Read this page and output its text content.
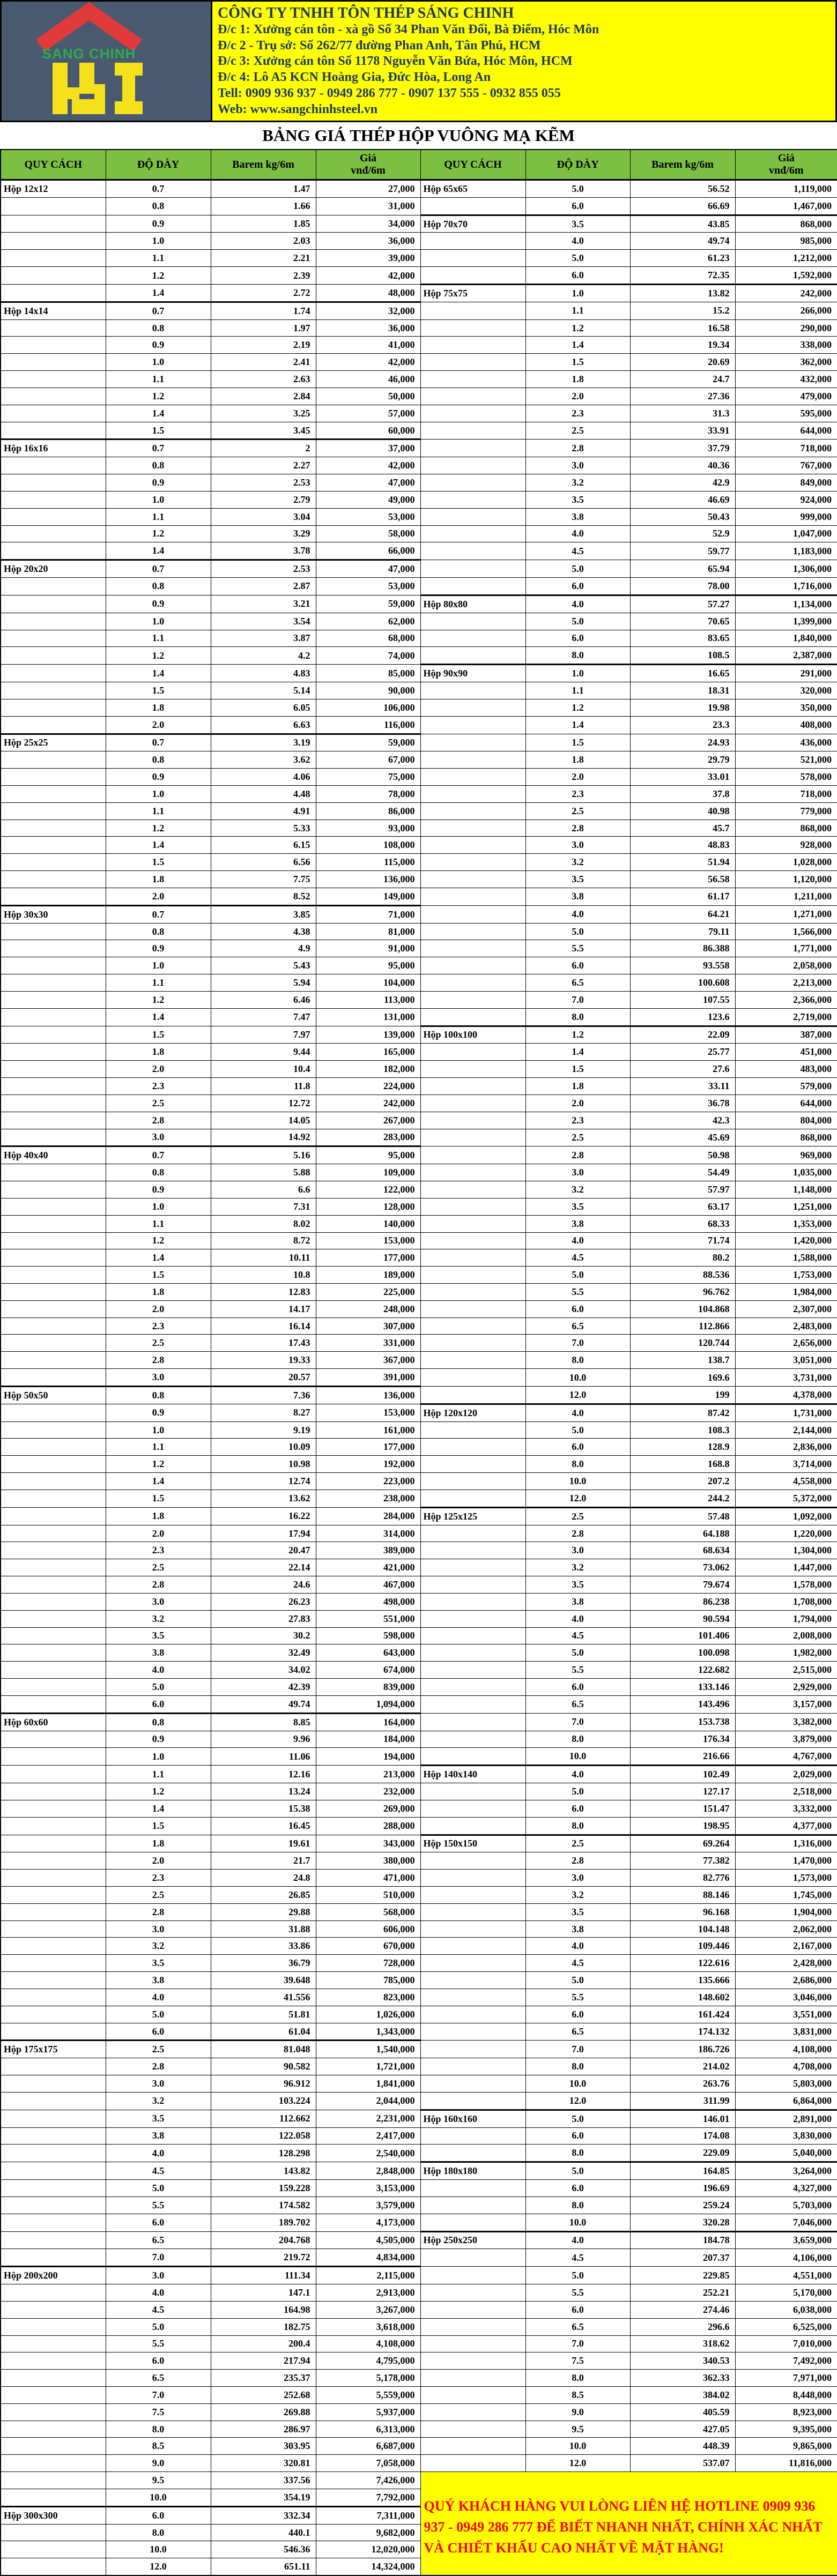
SANG CHINH
CÔNG TY TNHH TÔN THÉP SÁNG CHINH
Đ/c 1: Xưởng cán tôn - xà gồ Số 34 Phan Văn Đối, Bà Điểm, Hóc Môn
Đ/c 2 - Trụ sở: Số 262/77 đường Phan Anh, Tân Phú, HCM
Đ/c 3: Xưởng cán tôn Số 1178 Nguyễn Văn Bứa, Hóc Môn, HCM
Đ/c 4: Lô A5 KCN Hoàng Gia, Đức Hòa, Long An
Tell: 0909 936 937 - 0949 286 777 - 0907 137 555 - 0932 855 055
Web: www.sangchinhsteel.vn
BẢNG GIÁ THÉP HỘP VUÔNG MẠ KẼM
QUY CÁCH	ĐỘ DÀY	Barem kg/6m	Giá
vnđ/6m	QUY CÁCH	ĐỘ DÀY	Barem kg/6m	Giá
vnđ/6m

Hộp 12x12	0.7	1.47	27,000	Hộp 65x65	5.0	56.52	1,119,000
	0.8	1.66	31,000		6.0	66.69	1,467,000
	0.9	1.85	34,000	Hộp 70x70	3.5	43.85	868,000
	1.0	2.03	36,000		4.0	49.74	985,000
	1.1	2.21	39,000		5.0	61.23	1,212,000
	1.2	2.39	42,000		6.0	72.35	1,592,000
	1.4	2.72	48,000	Hộp 75x75	1.0	13.82	242,000
Hộp 14x14	0.7	1.74	32,000		1.1	15.2	266,000
	0.8	1.97	36,000		1.2	16.58	290,000
	0.9	2.19	41,000		1.4	19.34	338,000
	1.0	2.41	42,000		1.5	20.69	362,000
	1.1	2.63	46,000		1.8	24.7	432,000
	1.2	2.84	50,000		2.0	27.36	479,000
	1.4	3.25	57,000		2.3	31.3	595,000
	1.5	3.45	60,000		2.5	33.91	644,000
Hộp 16x16	0.7	2	37,000		2.8	37.79	718,000
	0.8	2.27	42,000		3.0	40.36	767,000
	0.9	2.53	47,000		3.2	42.9	849,000
	1.0	2.79	49,000		3.5	46.69	924,000
	1.1	3.04	53,000		3.8	50.43	999,000
	1.2	3.29	58,000		4.0	52.9	1,047,000
	1.4	3.78	66,000		4.5	59.77	1,183,000
Hộp 20x20	0.7	2.53	47,000		5.0	65.94	1,306,000
	0.8	2.87	53,000		6.0	78.00	1,716,000
	0.9	3.21	59,000	Hộp 80x80	4.0	57.27	1,134,000
	1.0	3.54	62,000		5.0	70.65	1,399,000
	1.1	3.87	68,000		6.0	83.65	1,840,000
	1.2	4.2	74,000		8.0	108.5	2,387,000
	1.4	4.83	85,000	Hộp 90x90	1.0	16.65	291,000
	1.5	5.14	90,000		1.1	18.31	320,000
	1.8	6.05	106,000		1.2	19.98	350,000
	2.0	6.63	116,000		1.4	23.3	408,000
Hộp 25x25	0.7	3.19	59,000		1.5	24.93	436,000
	0.8	3.62	67,000		1.8	29.79	521,000
	0.9	4.06	75,000		2.0	33.01	578,000
	1.0	4.48	78,000		2.3	37.8	718,000
	1.1	4.91	86,000		2.5	40.98	779,000
	1.2	5.33	93,000		2.8	45.7	868,000
	1.4	6.15	108,000		3.0	48.83	928,000
	1.5	6.56	115,000		3.2	51.94	1,028,000
	1.8	7.75	136,000		3.5	56.58	1,120,000
	2.0	8.52	149,000		3.8	61.17	1,211,000
Hộp 30x30	0.7	3.85	71,000		4.0	64.21	1,271,000
	0.8	4.38	81,000		5.0	79.11	1,566,000
	0.9	4.9	91,000		5.5	86.388	1,771,000
	1.0	5.43	95,000		6.0	93.558	2,058,000
	1.1	5.94	104,000		6.5	100.608	2,213,000
	1.2	6.46	113,000		7.0	107.55	2,366,000
	1.4	7.47	131,000		8.0	123.6	2,719,000
	1.5	7.97	139,000	Hộp 100x100	1.2	22.09	387,000
	1.8	9.44	165,000		1.4	25.77	451,000
	2.0	10.4	182,000		1.5	27.6	483,000
	2.3	11.8	224,000		1.8	33.11	579,000
	2.5	12.72	242,000		2.0	36.78	644,000
	2.8	14.05	267,000		2.3	42.3	804,000
	3.0	14.92	283,000		2.5	45.69	868,000
Hộp 40x40	0.7	5.16	95,000		2.8	50.98	969,000
	0.8	5.88	109,000		3.0	54.49	1,035,000
	0.9	6.6	122,000		3.2	57.97	1,148,000
	1.0	7.31	128,000		3.5	63.17	1,251,000
	1.1	8.02	140,000		3.8	68.33	1,353,000
	1.2	8.72	153,000		4.0	71.74	1,420,000
	1.4	10.11	177,000		4.5	80.2	1,588,000
	1.5	10.8	189,000		5.0	88.536	1,753,000
	1.8	12.83	225,000		5.5	96.762	1,984,000
	2.0	14.17	248,000		6.0	104.868	2,307,000
	2.3	16.14	307,000		6.5	112.866	2,483,000
	2.5	17.43	331,000		7.0	120.744	2,656,000
	2.8	19.33	367,000		8.0	138.7	3,051,000
	3.0	20.57	391,000		10.0	169.6	3,731,000
Hộp 50x50	0.8	7.36	136,000		12.0	199	4,378,000
	0.9	8.27	153,000	Hộp 120x120	4.0	87.42	1,731,000
	1.0	9.19	161,000		5.0	108.3	2,144,000
	1.1	10.09	177,000		6.0	128.9	2,836,000
	1.2	10.98	192,000		8.0	168.8	3,714,000
	1.4	12.74	223,000		10.0	207.2	4,558,000
	1.5	13.62	238,000		12.0	244.2	5,372,000
	1.8	16.22	284,000	Hộp 125x125	2.5	57.48	1,092,000
	2.0	17.94	314,000		2.8	64.188	1,220,000
	2.3	20.47	389,000		3.0	68.634	1,304,000
	2.5	22.14	421,000		3.2	73.062	1,447,000
	2.8	24.6	467,000		3.5	79.674	1,578,000
	3.0	26.23	498,000		3.8	86.238	1,708,000
	3.2	27.83	551,000		4.0	90.594	1,794,000
	3.5	30.2	598,000		4.5	101.406	2,008,000
	3.8	32.49	643,000		5.0	100.098	1,982,000
	4.0	34.02	674,000		5.5	122.682	2,515,000
	5.0	42.39	839,000		6.0	133.146	2,929,000
	6.0	49.74	1,094,000		6.5	143.496	3,157,000
Hộp 60x60	0.8	8.85	164,000		7.0	153.738	3,382,000
	0.9	9.96	184,000		8.0	176.34	3,879,000
	1.0	11.06	194,000		10.0	216.66	4,767,000
	1.1	12.16	213,000	Hộp 140x140	4.0	102.49	2,029,000
	1.2	13.24	232,000		5.0	127.17	2,518,000
	1.4	15.38	269,000		6.0	151.47	3,332,000
	1.5	16.45	288,000		8.0	198.95	4,377,000
	1.8	19.61	343,000	Hộp 150x150	2.5	69.264	1,316,000
	2.0	21.7	380,000		2.8	77.382	1,470,000
	2.3	24.8	471,000		3.0	82.776	1,573,000
	2.5	26.85	510,000		3.2	88.146	1,745,000
	2.8	29.88	568,000		3.5	96.168	1,904,000
	3.0	31.88	606,000		3.8	104.148	2,062,000
	3.2	33.86	670,000		4.0	109.446	2,167,000
	3.5	36.79	728,000		4.5	122.616	2,428,000
	3.8	39.648	785,000		5.0	135.666	2,686,000
	4.0	41.556	823,000		5.5	148.602	3,046,000
	5.0	51.81	1,026,000		6.0	161.424	3,551,000
	6.0	61.04	1,343,000		6.5	174.132	3,831,000
Hộp 175x175	2.5	81.048	1,540,000		7.0	186.726	4,108,000
	2.8	90.582	1,721,000		8.0	214.02	4,708,000
	3.0	96.912	1,841,000		10.0	263.76	5,803,000
	3.2	103.224	2,044,000		12.0	311.99	6,864,000
	3.5	112.662	2,231,000	Hộp 160x160	5.0	146.01	2,891,000
	3.8	122.058	2,417,000		6.0	174.08	3,830,000
	4.0	128.298	2,540,000		8.0	229.09	5,040,000
	4.5	143.82	2,848,000	Hộp 180x180	5.0	164.85	3,264,000
	5.0	159.228	3,153,000		6.0	196.69	4,327,000
	5.5	174.582	3,579,000		8.0	259.24	5,703,000
	6.0	189.702	4,173,000		10.0	320.28	7,046,000
	6.5	204.768	4,505,000	Hộp 250x250	4.0	184.78	3,659,000
	7.0	219.72	4,834,000		4.5	207.37	4,106,000
Hộp 200x200	3.0	111.34	2,115,000		5.0	229.85	4,551,000
	4.0	147.1	2,913,000		5.5	252.21	5,170,000
	4.5	164.98	3,267,000		6.0	274.46	6,038,000
	5.0	182.75	3,618,000		6.5	296.6	6,525,000
	5.5	200.4	4,108,000		7.0	318.62	7,010,000
	6.0	217.94	4,795,000		7.5	340.53	7,492,000
	6.5	235.37	5,178,000		8.0	362.33	7,971,000
	7.0	252.68	5,559,000		8.5	384.02	8,448,000
	7.5	269.88	5,937,000		9.0	405.59	8,923,000
	8.0	286.97	6,313,000		9.5	427.05	9,395,000
	8.5	303.95	6,687,000		10.0	448.39	9,865,000
	9.0	320.81	7,058,000		12.0	537.07	11,816,000
	9.5	337.56	7,426,000	QUÝ KHÁCH HÀNG VUI LÒNG LIÊN HỆ HOTLINE 0909 936 937 - 0949 286 777 ĐỂ BIẾT NHANH NHẤT, CHÍNH XÁC NHẤT VÀ CHIẾT KHẤU CAO NHẤT VỀ MẶT HÀNG!			
	10.0	354.19	7,792,000				
Hộp 300x300	6.0	332.34	7,311,000				
	8.0	440.1	9,682,000				
	10.0	546.36	12,020,000				
	12.0	651.11	14,324,000				
